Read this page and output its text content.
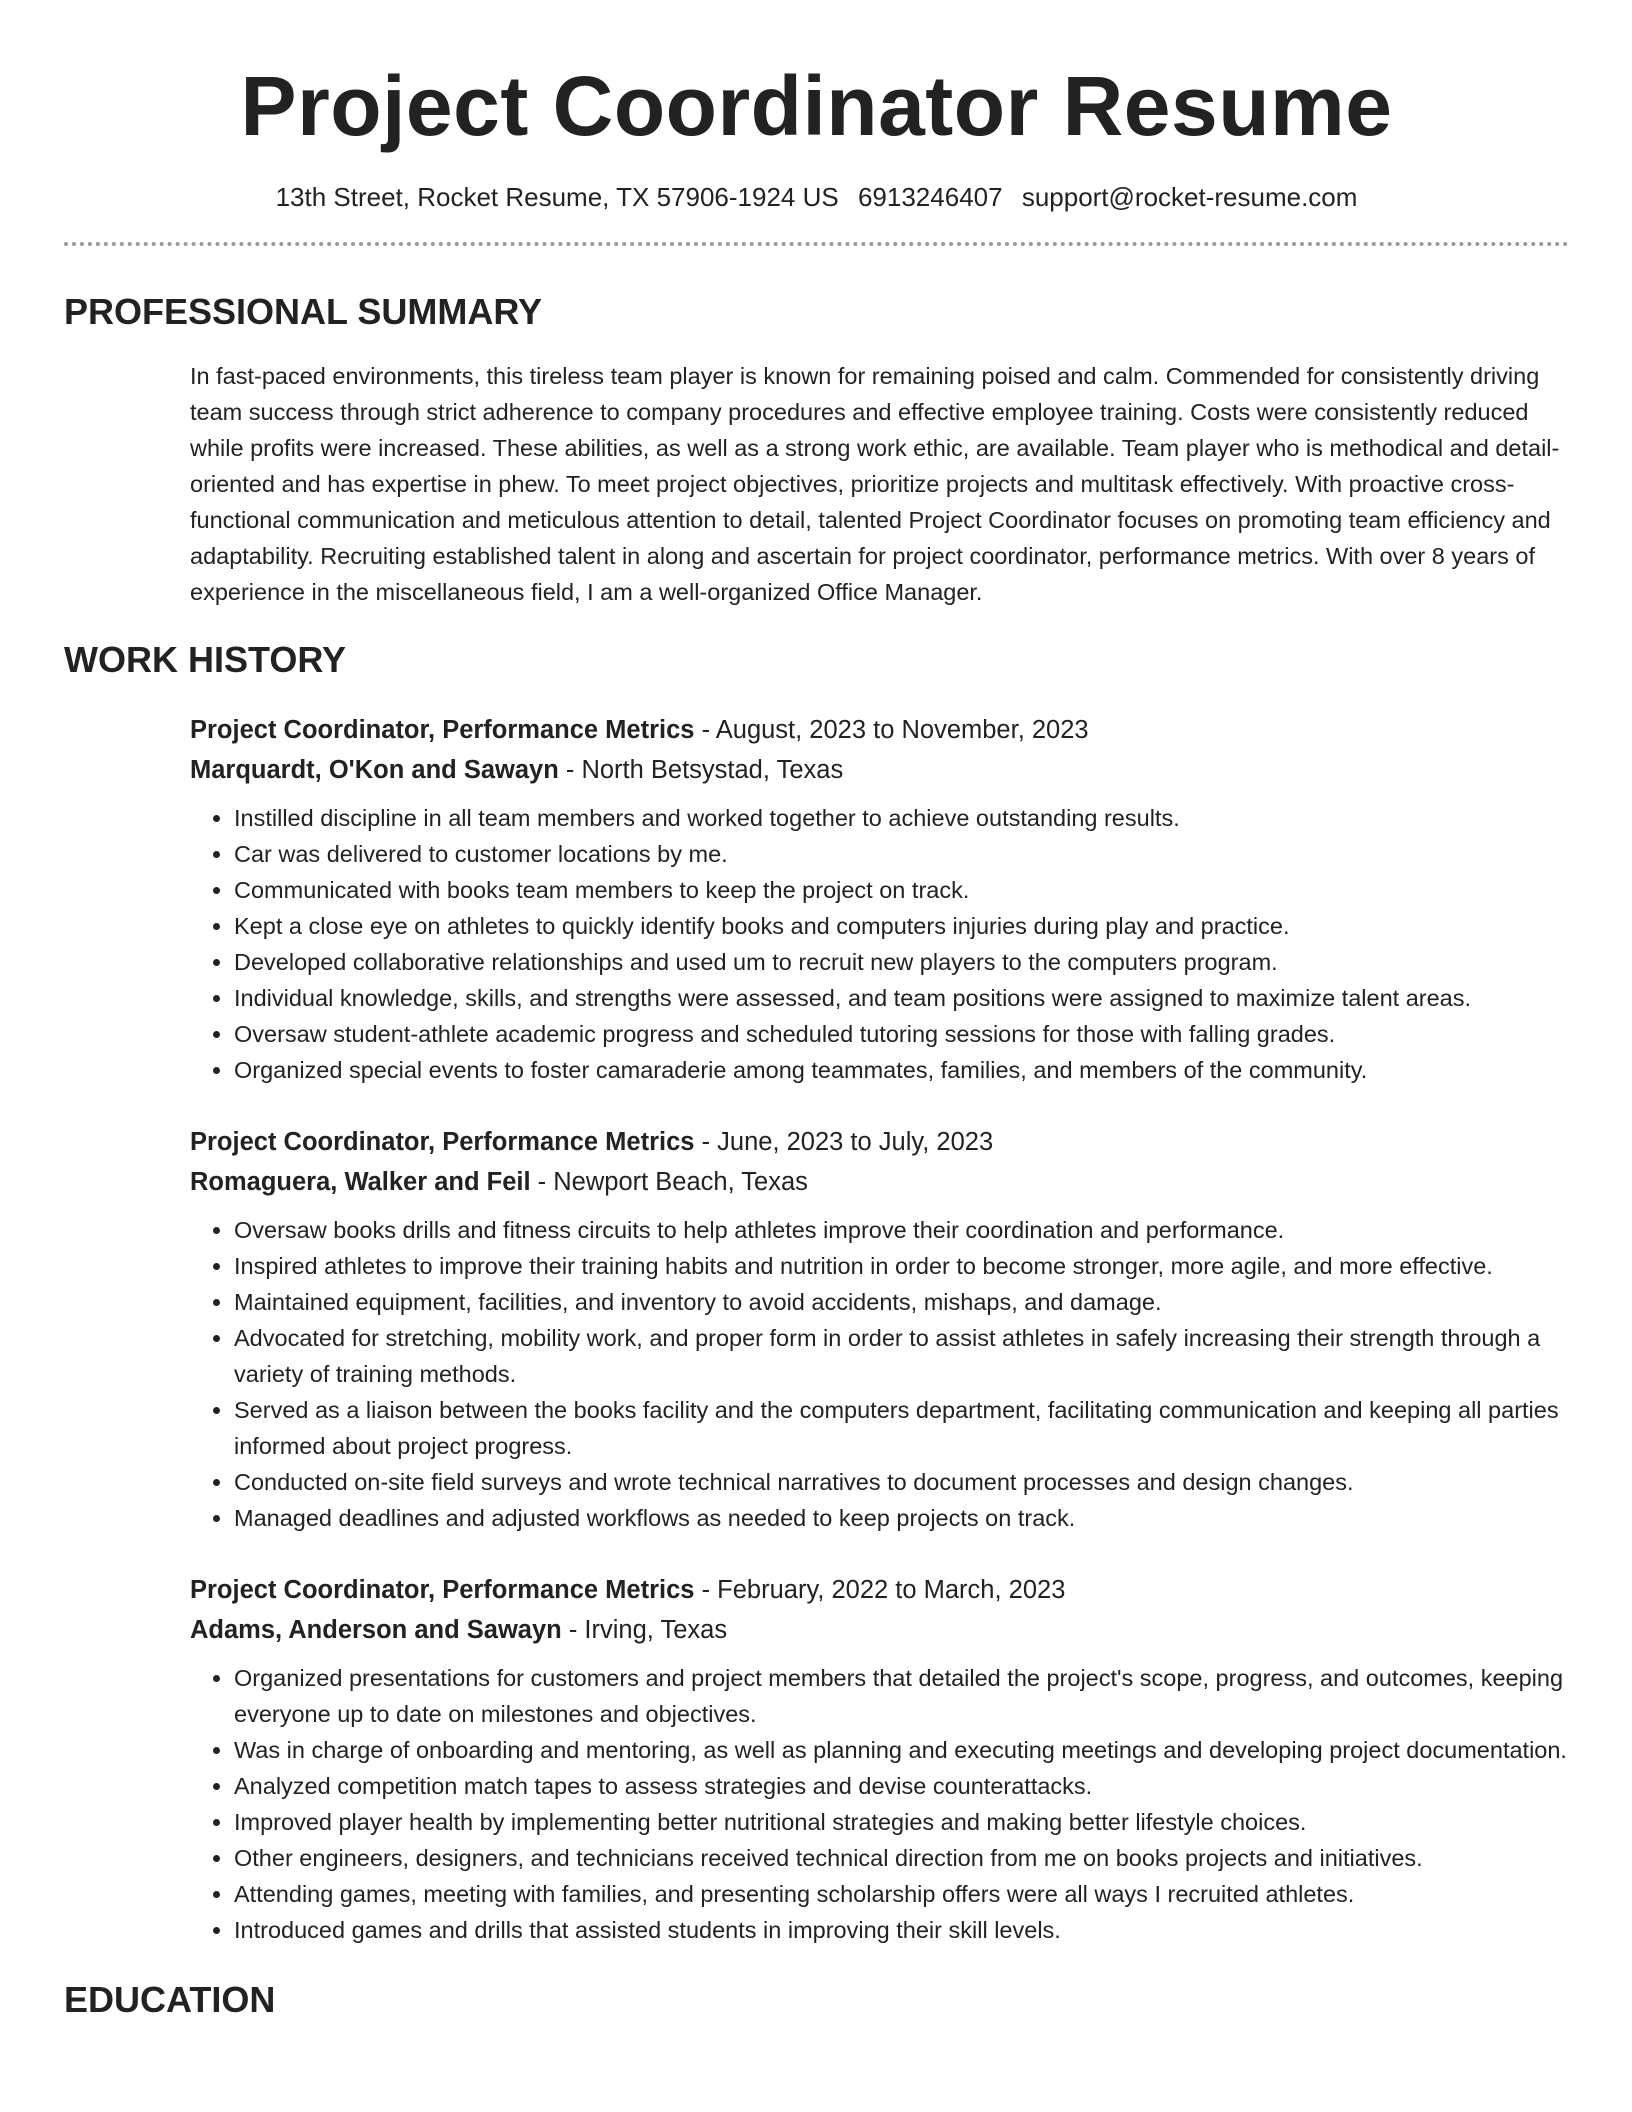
Project Coordinator Resume
13th Street, Rocket Resume, TX 57906-1924 US 6913246407 support@rocket-resume.com
PROFESSIONAL SUMMARY

In fast-paced environments, this tireless team player is known for remaining poised and calm. Commended for consistently driving team success through strict adherence to company procedures and effective employee training. Costs were consistently reduced while profits were increased. These abilities, as well as a strong work ethic, are available. Team player who is methodical and detail-oriented and has expertise in phew. To meet project objectives, prioritize projects and multitask effectively. With proactive cross-functional communication and meticulous attention to detail, talented Project Coordinator focuses on promoting team efficiency and adaptability. Recruiting established talent in along and ascertain for project coordinator, performance metrics. With over 8 years of experience in the miscellaneous field, I am a well-organized Office Manager.

WORK HISTORY
Project Coordinator, Performance Metrics - August, 2023 to November, 2023
Marquardt, O'Kon and Sawayn - North Betsystad, Texas
• Instilled discipline in all team members and worked together to achieve outstanding results.
• Car was delivered to customer locations by me.
• Communicated with books team members to keep the project on track.
• Kept a close eye on athletes to quickly identify books and computers injuries during play and practice.
• Developed collaborative relationships and used um to recruit new players to the computers program.
• Individual knowledge, skills, and strengths were assessed, and team positions were assigned to maximize talent areas.
• Oversaw student-athlete academic progress and scheduled tutoring sessions for those with falling grades.
• Organized special events to foster camaraderie among teammates, families, and members of the community.
Project Coordinator, Performance Metrics - June, 2023 to July, 2023
Romaguera, Walker and Feil - Newport Beach, Texas
• Oversaw books drills and fitness circuits to help athletes improve their coordination and performance.
• Inspired athletes to improve their training habits and nutrition in order to become stronger, more agile, and more effective.
• Maintained equipment, facilities, and inventory to avoid accidents, mishaps, and damage.
• Advocated for stretching, mobility work, and proper form in order to assist athletes in safely increasing their strength through a variety of training methods.
• Served as a liaison between the books facility and the computers department, facilitating communication and keeping all parties informed about project progress.
• Conducted on-site field surveys and wrote technical narratives to document processes and design changes.
• Managed deadlines and adjusted workflows as needed to keep projects on track.
Project Coordinator, Performance Metrics - February, 2022 to March, 2023
Adams, Anderson and Sawayn - Irving, Texas
• Organized presentations for customers and project members that detailed the project's scope, progress, and outcomes, keeping everyone up to date on milestones and objectives.
• Was in charge of onboarding and mentoring, as well as planning and executing meetings and developing project documentation.
• Analyzed competition match tapes to assess strategies and devise counterattacks.
• Improved player health by implementing better nutritional strategies and making better lifestyle choices.
• Other engineers, designers, and technicians received technical direction from me on books projects and initiatives.
• Attending games, meeting with families, and presenting scholarship offers were all ways I recruited athletes.
• Introduced games and drills that assisted students in improving their skill levels.
EDUCATION
